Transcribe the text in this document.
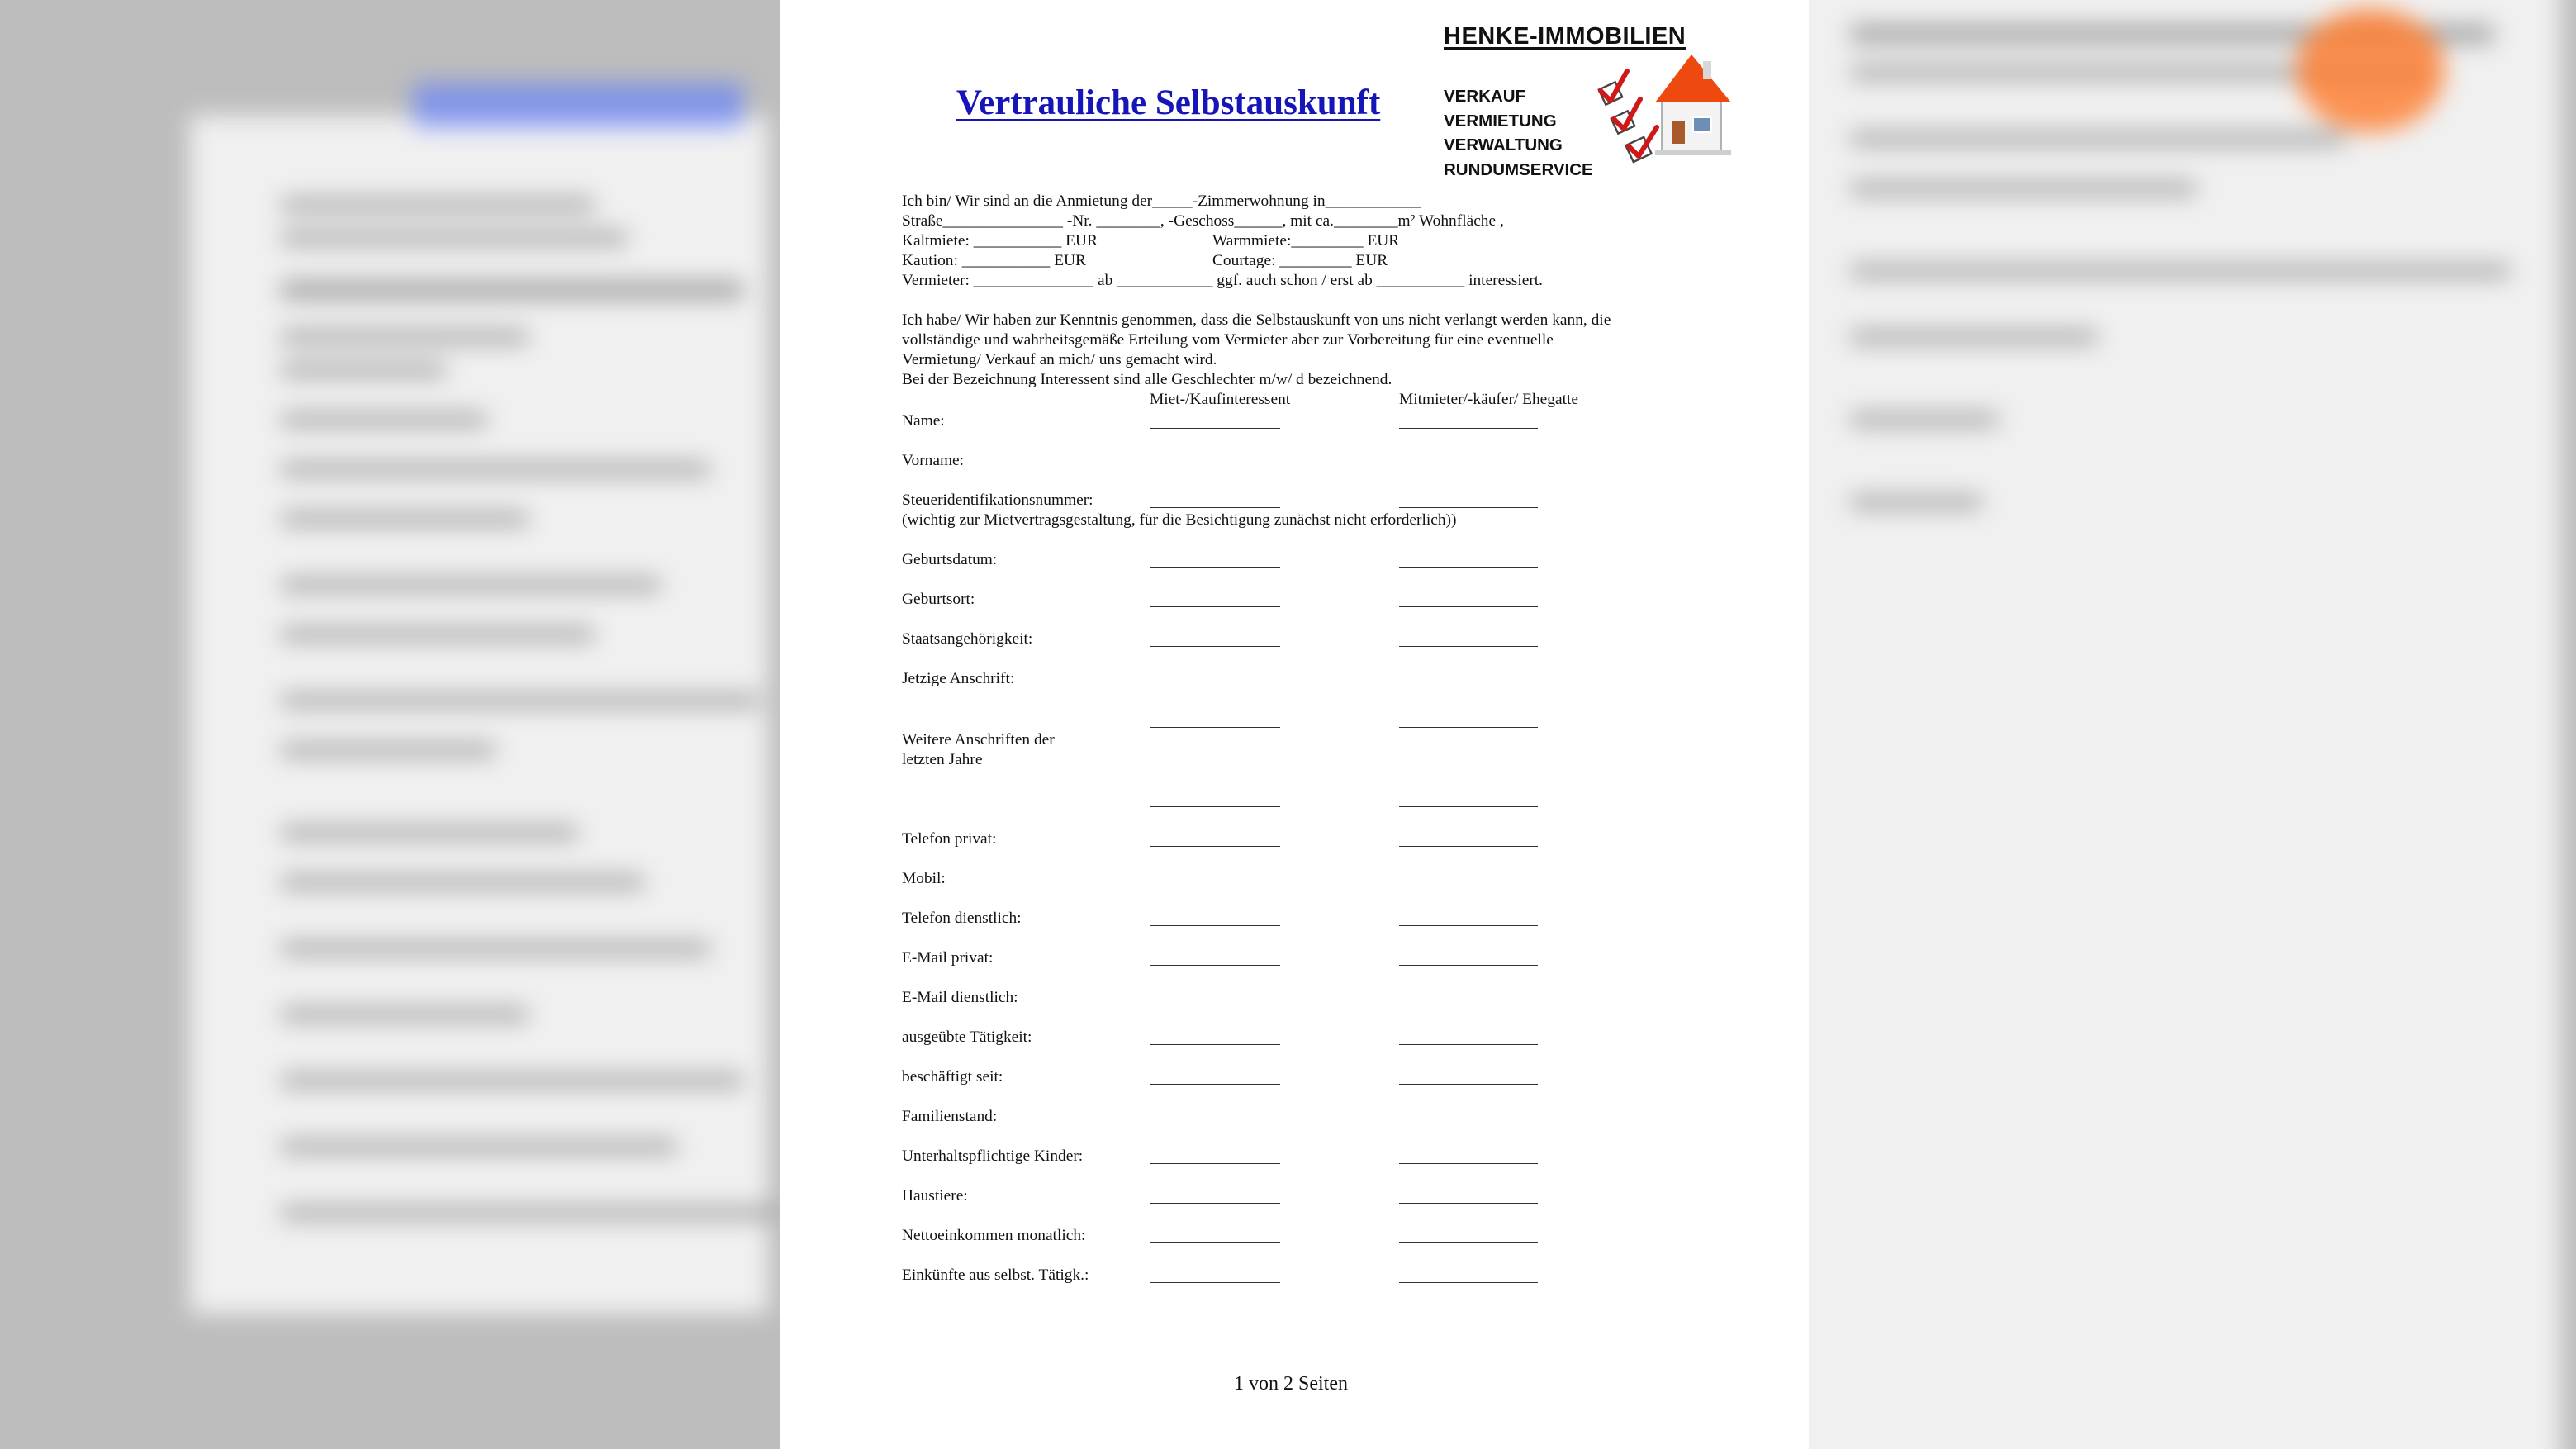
HENKE-IMMOBILIEN
VERKAUF
VERMIETUNG
VERWALTUNG
RUNDUMSERVICE
Vertrauliche Selbstauskunft
Ich bin/ Wir sind an die Anmietung der_____-Zimmerwohnung in____________
Straße_______________ -Nr. ________, -Geschoss______, mit ca.________m² Wohnfläche ,
Kaltmiete: ___________ EUR	Warmmiete:_________ EUR
Kaution: ___________ EUR	Courtage: _________ EUR
Vermieter: _______________ ab ____________ ggf. auch schon / erst ab ___________ interessiert.
Ich habe/ Wir haben zur Kenntnis genommen, dass die Selbstauskunft von uns nicht verlangt werden kann, die
vollständige und wahrheitsgemäße Erteilung vom Vermieter aber zur Vorbereitung für eine eventuelle
Vermietung/ Verkauf an mich/ uns gemacht wird.
Bei der Bezeichnung Interessent sind alle Geschlechter m/w/ d bezeichnend.
Miet-/Kaufinteressent	Mitmieter/-käufer/ Ehegatte
Name:
Vorname:
Steueridentifikationsnummer:
(wichtig zur Mietvertragsgestaltung, für die Besichtigung zunächst nicht erforderlich))
Geburtsdatum:
Geburtsort:
Staatsangehörigkeit:
Jetzige Anschrift:
Weitere Anschriften der
letzten Jahre
Telefon privat:
Mobil:
Telefon dienstlich:
E-Mail privat:
E-Mail dienstlich:
ausgeübte Tätigkeit:
beschäftigt seit:
Familienstand:
Unterhaltspflichtige Kinder:
Haustiere:
Nettoeinkommen monatlich:
Einkünfte aus selbst. Tätigk.:
1 von 2 Seiten
